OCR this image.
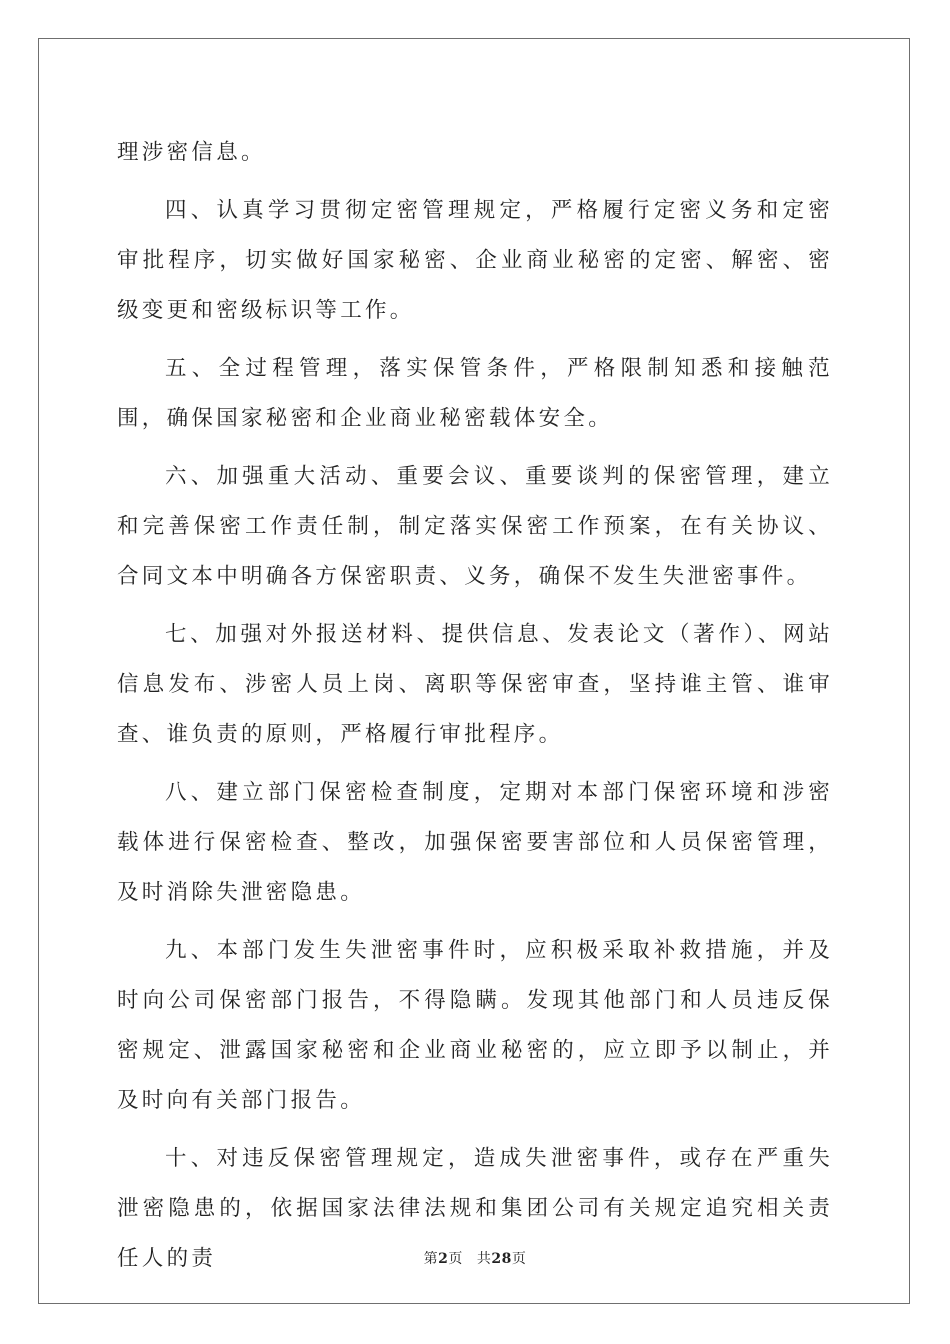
理涉密信息。

四、认真学习贯彻定密管理规定，严格履行定密义务和定密审批程序，切实做好国家秘密、企业商业秘密的定密、解密、密级变更和密级标识等工作。

五、全过程管理，落实保管条件，严格限制知悉和接触范围，确保国家秘密和企业商业秘密载体安全。

六、加强重大活动、重要会议、重要谈判的保密管理，建立和完善保密工作责任制，制定落实保密工作预案，在有关协议、合同文本中明确各方保密职责、义务，确保不发生失泄密事件。

七、加强对外报送材料、提供信息、发表论文（著作）、网站信息发布、涉密人员上岗、离职等保密审查，坚持谁主管、谁审查、谁负责的原则，严格履行审批程序。

八、建立部门保密检查制度，定期对本部门保密环境和涉密载体进行保密检查、整改，加强保密要害部位和人员保密管理，及时消除失泄密隐患。

九、本部门发生失泄密事件时，应积极采取补救措施，并及时向公司保密部门报告，不得隐瞒。发现其他部门和人员违反保密规定、泄露国家秘密和企业商业秘密的，应立即予以制止，并及时向有关部门报告。

十、对违反保密管理规定，造成失泄密事件，或存在严重失泄密隐患的，依据国家法律法规和集团公司有关规定追究相关责任人的责	第2页 共28页
